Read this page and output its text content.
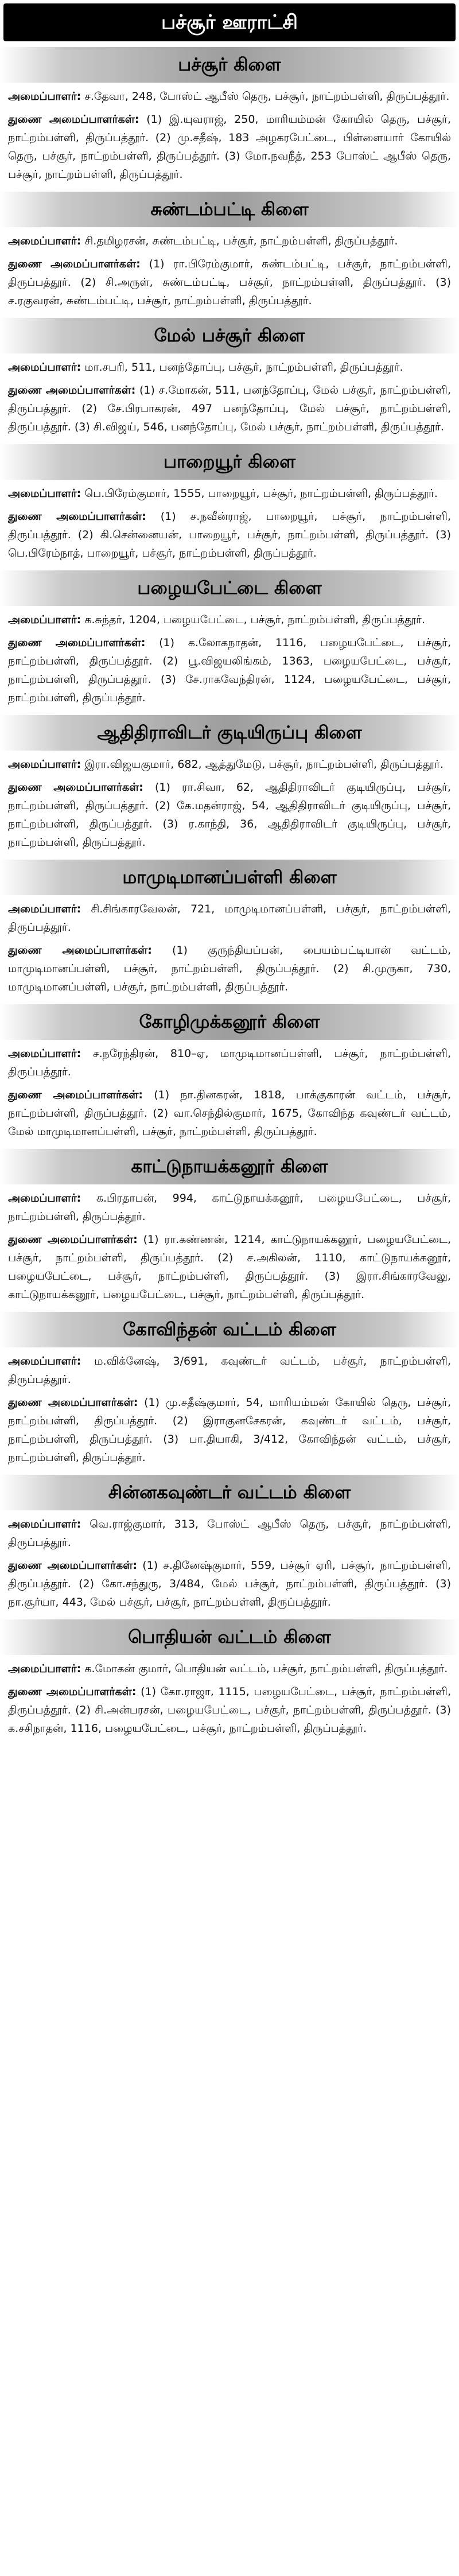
பச்சூர் ஊராட்சி
பச்சூர் கிளை
அமைப்பாளர்: ச.தேவா, 248, போஸ்ட் ஆபீஸ் தெரு, பச்சூர், நாட்றம்பள்ளி, திருப்பத்தூர்.
துணை அமைப்பாளர்கள்: (1) இ.யுவராஜ், 250, மாரியம்மன் கோயில் தெரு, பச்சூர், நாட்றம்பள்ளி, திருப்பத்தூர். (2) மு.சதீஷ், 183 அழகரபேட்டை, பிள்ளையார் கோயில் தெரு, பச்சூர், நாட்றம்பள்ளி, திருப்பத்தூர். (3) மோ.நவநீத், 253 போஸ்ட் ஆபீஸ் தெரு, பச்சூர், நாட்றம்பள்ளி, திருப்பத்தூர்.
சுண்டம்பட்டி கிளை
அமைப்பாளர்: சி.தமிழரசன், சுண்டம்பட்டி, பச்சூர், நாட்றம்பள்ளி, திருப்பத்தூர்.
துணை அமைப்பாளர்கள்: (1) ரா.பிரேம்குமார், சுண்டம்பட்டி, பச்சூர், நாட்றம்பள்ளி, திருப்பத்தூர். (2) சி.அருள், சுண்டம்பட்டி, பச்சூர், நாட்றம்பள்ளி, திருப்பத்தூர். (3) ச.ரகுவரன், சுண்டம்பட்டி, பச்சூர், நாட்றம்பள்ளி, திருப்பத்தூர்.
மேல் பச்சூர் கிளை
அமைப்பாளர்: மா.சபரி, 511, பனந்தோப்பு, பச்சூர், நாட்றம்பள்ளி, திருப்பத்தூர்.
துணை அமைப்பாளர்கள்: (1) ச.மோகன், 511, பனந்தோப்பு, மேல் பச்சூர், நாட்றம்பள்ளி, திருப்பத்தூர். (2) சே.பிரபாகரன், 497 பனந்தோப்பு, மேல் பச்சூர், நாட்றம்பள்ளி, திருப்பத்தூர். (3) சி.விஜய், 546, பனந்தோப்பு, மேல் பச்சூர், நாட்றம்பள்ளி, திருப்பத்தூர்.
பாறையூர் கிளை
அமைப்பாளர்: பெ.பிரேம்குமார், 1555, பாறையூர், பச்சூர், நாட்றம்பள்ளி, திருப்பத்தூர்.
துணை அமைப்பாளர்கள்: (1) ச.நவீன்ராஜ், பாறையூர், பச்சூர், நாட்றம்பள்ளி, திருப்பத்தூர். (2) கி.சென்னையன், பாறையூர், பச்சூர், நாட்றம்பள்ளி, திருப்பத்தூர். (3) பெ.பிரேம்நாத், பாறையூர், பச்சூர், நாட்றம்பள்ளி, திருப்பத்தூர்.
பழையபேட்டை கிளை
அமைப்பாளர்: க.சுந்தர், 1204, பழையபேட்டை, பச்சூர், நாட்றம்பள்ளி, திருப்பத்தூர்.
துணை அமைப்பாளர்கள்: (1) க.லோகநாதன், 1116, பழையபேட்டை, பச்சூர், நாட்றம்பள்ளி, திருப்பத்தூர். (2) பூ.விஜயலிங்கம், 1363, பழையபேட்டை, பச்சூர், நாட்றம்பள்ளி, திருப்பத்தூர். (3) சே.ராகவேந்திரன், 1124, பழையபேட்டை, பச்சூர், நாட்றம்பள்ளி, திருப்பத்தூர்.
ஆதிதிராவிடர் குடியிருப்பு கிளை
அமைப்பாளர்: இரா.விஜயகுமார், 682, ஆத்துமேடு, பச்சூர், நாட்றம்பள்ளி, திருப்பத்தூர்.
துணை அமைப்பாளர்கள்: (1) ரா.சிவா, 62, ஆதிதிராவிடர் குடியிருப்பு, பச்சூர், நாட்றம்பள்ளி, திருப்பத்தூர். (2) கே.மதன்ராஜ், 54, ஆதிதிராவிடர் குடியிருப்பு, பச்சூர், நாட்றம்பள்ளி, திருப்பத்தூர். (3) ர.காந்தி, 36, ஆதிதிராவிடர் குடியிருப்பு, பச்சூர், நாட்றம்பள்ளி, திருப்பத்தூர்.
மாமுடிமானப்பள்ளி கிளை
அமைப்பாளர்: சி.சிங்காரவேலன், 721, மாமுடிமானப்பள்ளி, பச்சூர், நாட்றம்பள்ளி, திருப்பத்தூர்.
துணை அமைப்பாளர்கள்: (1) குருந்தியப்பன், பையம்பட்டியான் வட்டம், மாமுடிமானப்பள்ளி, பச்சூர், நாட்றம்பள்ளி, திருப்பத்தூர். (2) சி.முருகா, 730, மாமுடிமானப்பள்ளி, பச்சூர், நாட்றம்பள்ளி, திருப்பத்தூர்.
கோழிமுக்கனூர் கிளை
அமைப்பாளர்: ச.நரேந்திரன், 810–ஏ, மாமுடிமானப்பள்ளி, பச்சூர், நாட்றம்பள்ளி, திருப்பத்தூர்.
துணை அமைப்பாளர்கள்: (1) நா.தினகரன், 1818, பாக்குகாரன் வட்டம், பச்சூர், நாட்றம்பள்ளி, திருப்பத்தூர். (2) வா.செந்தில்குமார், 1675, கோவிந்த கவுண்டர் வட்டம், மேல் மாமுடிமானப்பள்ளி, பச்சூர், நாட்றம்பள்ளி, திருப்பத்தூர்.
காட்டுநாயக்கனூர் கிளை
அமைப்பாளர்: க.பிரதாபன், 994, காட்டுநாயக்கனூர், பழையபேட்டை, பச்சூர், நாட்றம்பள்ளி, திருப்பத்தூர்.
துணை அமைப்பாளர்கள்: (1) ரா.கண்ணன், 1214, காட்டுநாயக்கனூர், பழையபேட்டை, பச்சூர், நாட்றம்பள்ளி, திருப்பத்தூர். (2) ச.அகிலன், 1110, காட்டுநாயக்கனூர், பழையபேட்டை, பச்சூர், நாட்றம்பள்ளி, திருப்பத்தூர். (3) இரா.சிங்காரவேலு, காட்டுநாயக்கனூர், பழையபேட்டை, பச்சூர், நாட்றம்பள்ளி, திருப்பத்தூர்.
கோவிந்தன் வட்டம் கிளை
அமைப்பாளர்: ம.விக்னேஷ், 3/691, கவுண்டர் வட்டம், பச்சூர், நாட்றம்பள்ளி, திருப்பத்தூர்.
துணை அமைப்பாளர்கள்: (1) மு.சதீஷ்குமார், 54, மாரியம்மன் கோயில் தெரு, பச்சூர், நாட்றம்பள்ளி, திருப்பத்தூர். (2) இராகுனசேகரன், கவுண்டர் வட்டம், பச்சூர், நாட்றம்பள்ளி, திருப்பத்தூர். (3) பா.தியாகி, 3/412, கோவிந்தன் வட்டம், பச்சூர், நாட்றம்பள்ளி, திருப்பத்தூர்.
சின்னகவுண்டர் வட்டம் கிளை
அமைப்பாளர்: வெ.ராஜ்குமார், 313, போஸ்ட் ஆபீஸ் தெரு, பச்சூர், நாட்றம்பள்ளி, திருப்பத்தூர்.
துணை அமைப்பாளர்கள்: (1) ச.தினேஷ்குமார், 559, பச்சூர் ஏரி, பச்சூர், நாட்றம்பள்ளி, திருப்பத்தூர். (2) கோ.சந்துரு, 3/484, மேல் பச்சூர், நாட்றம்பள்ளி, திருப்பத்தூர். (3) நா.சூர்யா, 443, மேல் பச்சூர், பச்சூர், நாட்றம்பள்ளி, திருப்பத்தூர்.
பொதியன் வட்டம் கிளை
அமைப்பாளர்: க.மோகன் குமார், பொதியன் வட்டம், பச்சூர், நாட்றம்பள்ளி, திருப்பத்தூர்.
துணை அமைப்பாளர்கள்: (1) கோ.ராஜா, 1115, பழையபேட்டை, பச்சூர், நாட்றம்பள்ளி, திருப்பத்தூர். (2) சி.அன்பரசன், பழையபேட்டை, பச்சூர், நாட்றம்பள்ளி, திருப்பத்தூர். (3) க.சசிநாதன், 1116, பழையபேட்டை, பச்சூர், நாட்றம்பள்ளி, திருப்பத்தூர்.
